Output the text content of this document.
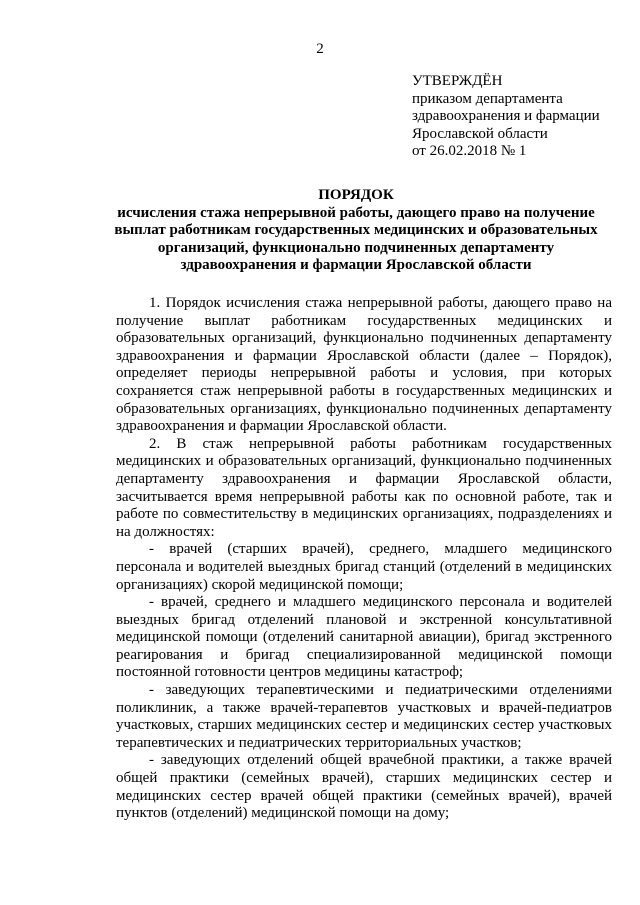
2
УТВЕРЖДЁН
приказом департамента
здравоохранения и фармации
Ярославской области
от 26.02.2018 № 1
ПОРЯДОК
исчисления стажа непрерывной работы, дающего право на получение выплат работникам государственных медицинских и образовательных организаций, функционально подчиненных департаменту здравоохранения и фармации Ярославской области

1. Порядок исчисления стажа непрерывной работы, дающего право на получение выплат работникам государственных медицинских и образовательных организаций, функционально подчиненных департаменту здравоохранения и фармации Ярославской области (далее – Порядок), определяет периоды непрерывной работы и условия, при которых сохраняется стаж непрерывной работы в государственных медицинских и образовательных организациях, функционально подчиненных департаменту здравоохранения и фармации Ярославской области.

2. В стаж непрерывной работы работникам государственных медицинских и образовательных организаций, функционально подчиненных департаменту здравоохранения и фармации Ярославской области, засчитывается время непрерывной работы как по основной работе, так и работе по совместительству в медицинских организациях, подразделениях и на должностях:

- врачей (старших врачей), среднего, младшего медицинского персонала и водителей выездных бригад станций (отделений в медицинских организациях) скорой медицинской помощи;

- врачей, среднего и младшего медицинского персонала и водителей выездных бригад отделений плановой и экстренной консультативной медицинской помощи (отделений санитарной авиации), бригад экстренного реагирования и бригад специализированной медицинской помощи постоянной готовности центров медицины катастроф;

- заведующих терапевтическими и педиатрическими отделениями поликлиник, а также врачей-терапевтов участковых и врачей-педиатров участковых, старших медицинских сестер и медицинских сестер участковых терапевтических и педиатрических территориальных участков;

- заведующих отделений общей врачебной практики, а также врачей общей практики (семейных врачей), старших медицинских сестер и медицинских сестер врачей общей практики (семейных врачей), врачей пунктов (отделений) медицинской помощи на дому;
